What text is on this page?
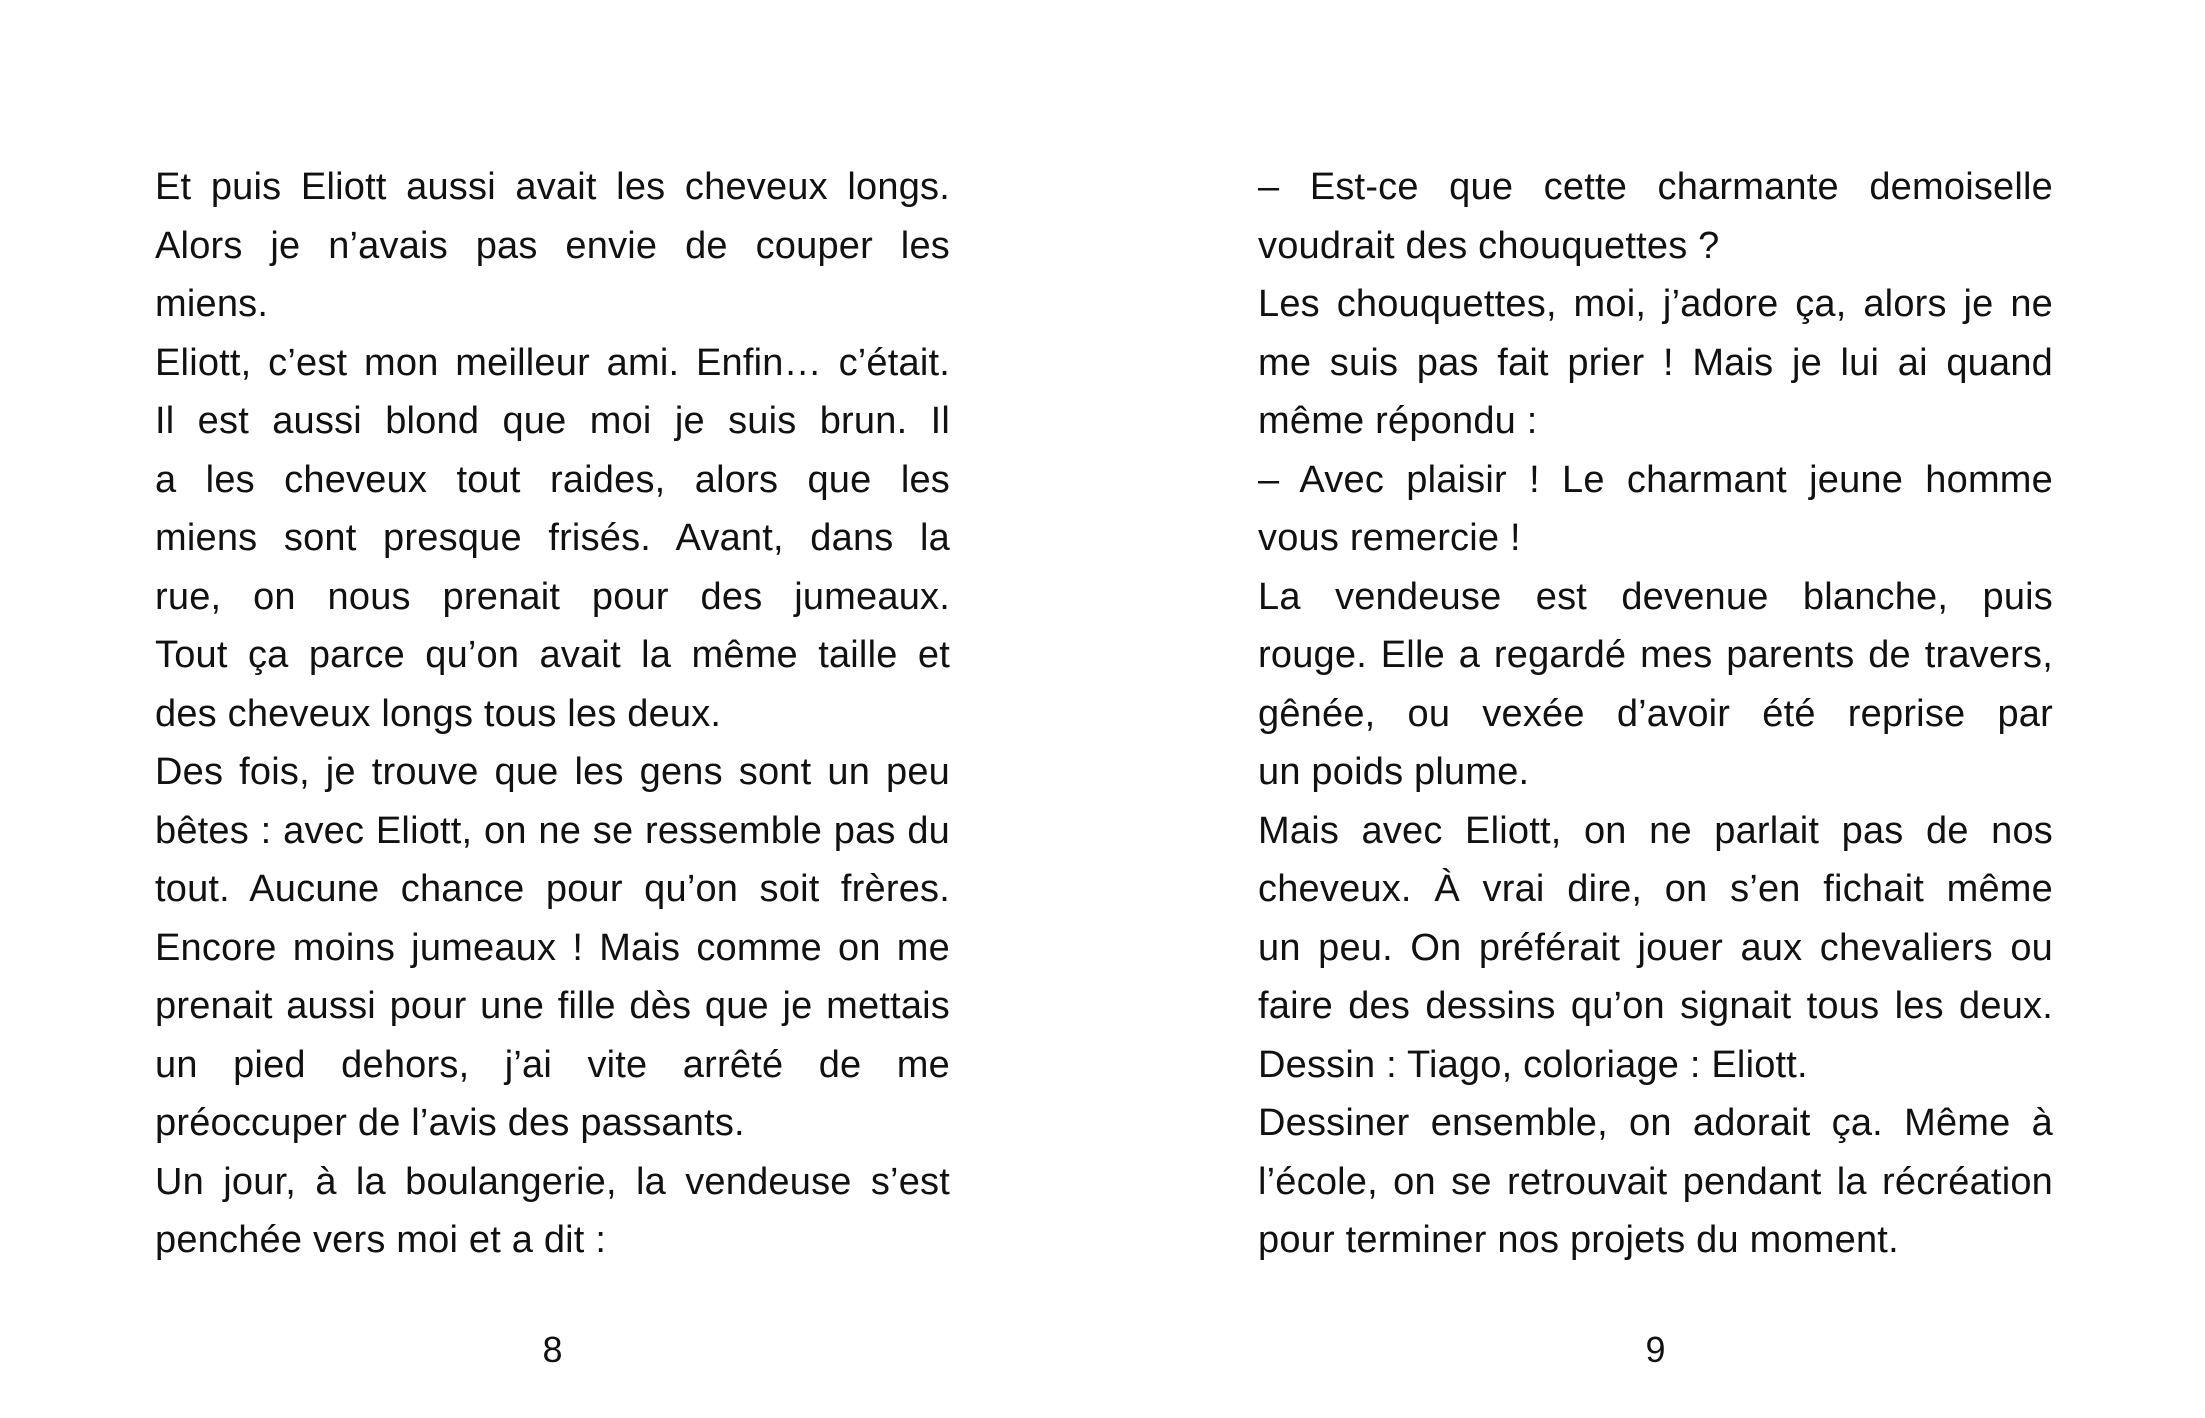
Et puis Eliott aussi avait les cheveux longs.
Alors je n’avais pas envie de couper les
miens.
Eliott, c’est mon meilleur ami. Enfin… c’était.
Il est aussi blond que moi je suis brun. Il
a les cheveux tout raides, alors que les
miens sont presque frisés. Avant, dans la
rue, on nous prenait pour des jumeaux.
Tout ça parce qu’on avait la même taille et
des cheveux longs tous les deux.
Des fois, je trouve que les gens sont un peu
bêtes : avec Eliott, on ne se ressemble pas du
tout. Aucune chance pour qu’on soit frères.
Encore moins jumeaux ! Mais comme on me
prenait aussi pour une fille dès que je mettais
un pied dehors, j’ai vite arrêté de me
préoccuper de l’avis des passants.
Un jour, à la boulangerie, la vendeuse s’est
penchée vers moi et a dit :
8
– Est-ce que cette charmante demoiselle
voudrait des chouquettes ?
Les chouquettes, moi, j’adore ça, alors je ne
me suis pas fait prier ! Mais je lui ai quand
même répondu :
– Avec plaisir ! Le charmant jeune homme
vous remercie !
La vendeuse est devenue blanche, puis
rouge. Elle a regardé mes parents de travers,
gênée, ou vexée d’avoir été reprise par
un poids plume.
Mais avec Eliott, on ne parlait pas de nos
cheveux. À vrai dire, on s’en fichait même
un peu. On préférait jouer aux chevaliers ou
faire des dessins qu’on signait tous les deux.
Dessin : Tiago, coloriage : Eliott.
Dessiner ensemble, on adorait ça. Même à
l’école, on se retrouvait pendant la récréation
pour terminer nos projets du moment.
9
